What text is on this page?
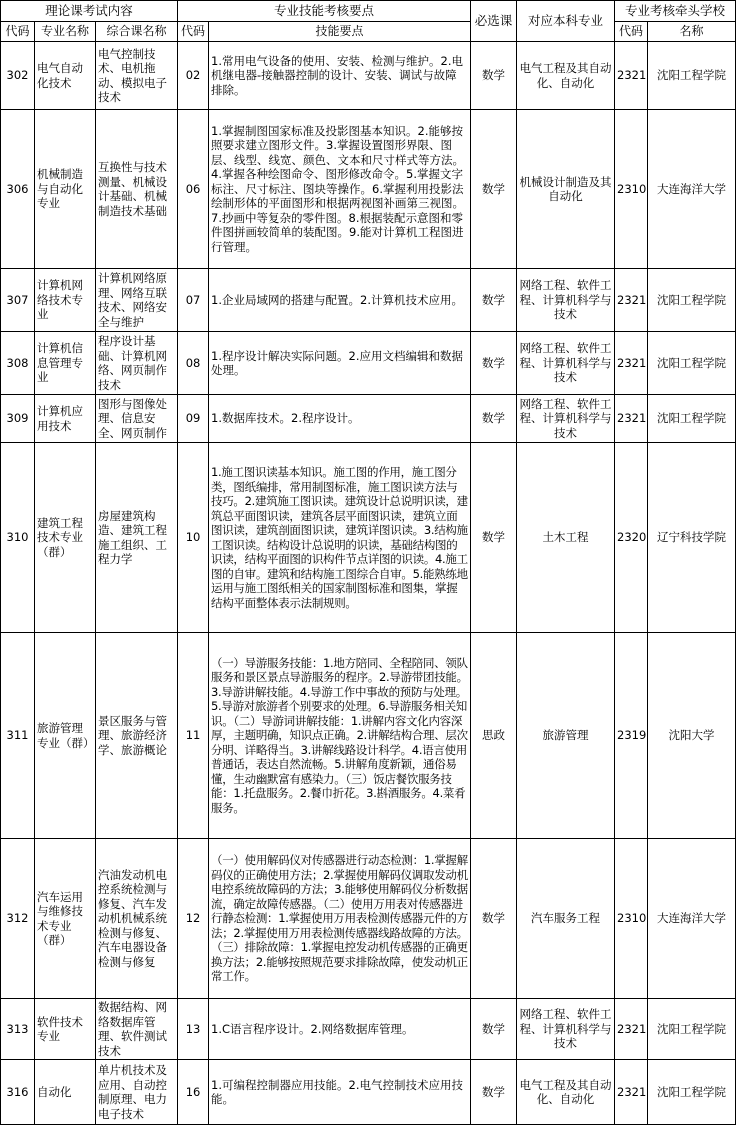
理论课考试内容			专业技能考核要点		必选课	对应本科专业	专业考核牵头学校	
代码	专业名称	综合课名称	代码	技能要点			代码	名称
302	电气自动化技术	电气控制技术、电机拖动、模拟电子技术	02	1.常用电气设备的使用、安装、检测与维护。2.电机继电器-接触器控制的设计、安装、调试与故障排除。	数学	电气工程及其自动化、自动化	2321	沈阳工程学院
306	机械制造与自动化专业	互换性与技术测量、机械设计基础、机械制造技术基础	06	1.掌握制图国家标准及投影图基本知识。2.能够按照要求建立图形文件。3.掌握设置图形界限、图层、线型、线宽、颜色、文本和尺寸样式等方法。4.掌握各种绘图命令、图形修改命令。5.掌握文字标注、尺寸标注、图块等操作。6.掌握利用投影法绘制形体的平面图形和根据两视图补画第三视图。7.抄画中等复杂的零件图。8.根据装配示意图和零件图拼画较简单的装配图。9.能对计算机工程图进行管理。	数学	机械设计制造及其自动化	2310	大连海洋大学
307	计算机网络技术专业	计算机网络原理、网络互联技术、网络安全与维护	07	1.企业局域网的搭建与配置。2.计算机技术应用。	数学	网络工程、软件工程、计算机科学与技术	2321	沈阳工程学院
308	计算机信息管理专业	程序设计基础、计算机网络、网页制作技术	08	1.程序设计解决实际问题。2.应用文档编辑和数据处理。	数学	网络工程、软件工程、计算机科学与技术	2321	沈阳工程学院
309	计算机应用技术	图形与图像处理、信息安全、网页制作	09	1.数据库技术。2.程序设计。	数学	网络工程、软件工程、计算机科学与技术	2321	沈阳工程学院
310	建筑工程技术专业（群）	房屋建筑构造、建筑工程施工组织、工程力学	10	1.施工图识读基本知识。施工图的作用，施工图分类，图纸编排，常用制图标准，施工图识读方法与技巧。2.建筑施工图识读。建筑设计总说明识读，建筑总平面图识读，建筑各层平面图识读，建筑立面图识读，建筑剖面图识读，建筑详图识读。3.结构施工图识读。结构设计总说明的识读，基础结构图的识读，结构平面图的识构件节点详图的识读。4.施工图的自审。建筑和结构施工图综合自审。5.能熟练地运用与施工图纸相关的国家制图标准和图集，掌握结构平面整体表示法制规则。	数学	土木工程	2320	辽宁科技学院
311	旅游管理专业（群）	景区服务与管理、旅游经济学、旅游概论	11	（一）导游服务技能：1.地方陪同、全程陪同、领队服务和景区景点导游服务的程序。2.导游带团技能。3.导游讲解技能。4.导游工作中事故的预防与处理。5.导游对旅游者个别要求的处理。6.导游服务相关知识。（二）导游词讲解技能：1.讲解内容文化内容深厚，主题明确，知识点正确。2.讲解结构合理、层次分明、详略得当。3.讲解线路设计科学。4.语言使用普通话，表达自然流畅。5.讲解角度新颖，通俗易懂，生动幽默富有感染力。（三）饭店餐饮服务技能：1.托盘服务。2.餐巾折花。3.斟酒服务。4.菜肴服务。	思政	旅游管理	2319	沈阳大学
312	汽车运用与维修技术专业（群）	汽油发动机电控系统检测与修复、汽车发动机机械系统检测与修复、汽车电器设备检测与修复	12	（一）使用解码仪对传感器进行动态检测：1.掌握解码仪的正确使用方法；2.掌握使用解码仪调取发动机电控系统故障码的方法；3.能够使用解码仪分析数据流，确定故障传感器。（二）使用万用表对传感器进行静态检测：1.掌握使用万用表检测传感器元件的方法；2.掌握使用万用表检测传感器线路故障的方法。（三）排除故障：1.掌握电控发动机传感器的正确更换方法；2.能够按照规范要求排除故障，使发动机正常工作。	数学	汽车服务工程	2310	大连海洋大学
313	软件技术专业	数据结构、网络数据库管理、软件测试技术	13	1.C语言程序设计。2.网络数据库管理。	数学	网络工程、软件工程、计算机科学与技术	2321	沈阳工程学院
316	自动化	单片机技术及应用、自动控制原理、电力电子技术	16	1.可编程控制器应用技能。2.电气控制技术应用技能。	数学	电气工程及其自动化、自动化	2321	沈阳工程学院
